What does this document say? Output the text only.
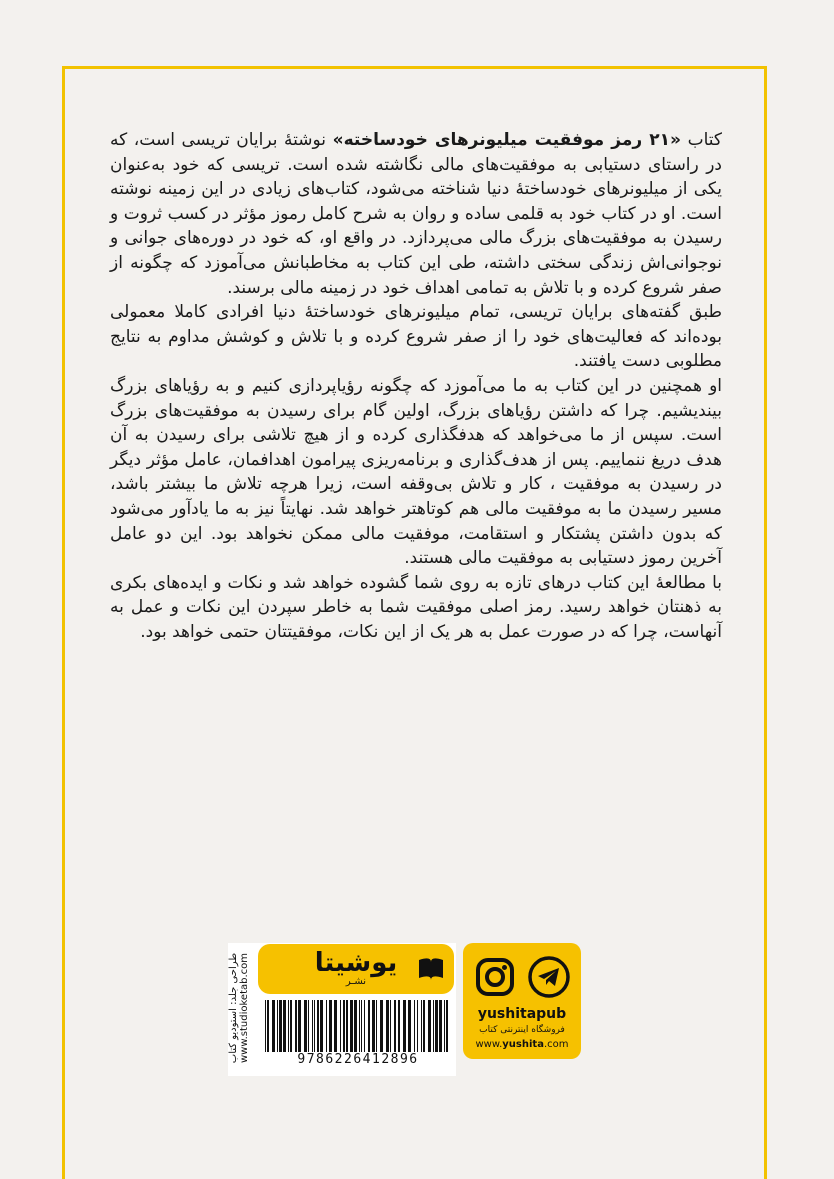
کتاب «۲۱ رمز موفقیت میلیونرهای خودساخته» نوشتۀ برایان تریسی است، که در راستای دستیابی به موفقیت‌های مالی نگاشته شده است. تریسی که خود به‌عنوان یکی از میلیونرهای خودساختۀ دنیا شناخته می‌شود، کتاب‌های زیادی در این زمینه نوشته است. او در کتاب خود به قلمی ساده و روان به شرح کامل رموز مؤثر در کسب ثروت و رسیدن به موفقیت‌های بزرگ مالی می‌پردازد. در واقع او، که خود در دوره‌های جوانی و نوجوانی‌اش زندگی سختی داشته، طی این کتاب به مخاطبانش می‌آموزد که چگونه از صفر شروع کرده و با تلاش به تمامی اهداف خود در زمینه مالی برسند.

طبق گفته‌های برایان تریسی، تمام میلیونرهای خودساختۀ دنیا افرادی کاملا معمولی بوده‌اند که فعالیت‌های خود را از صفر شروع کرده و با تلاش و کوشش مداوم به نتایج مطلوبی دست یافتند.

او همچنین در این کتاب به ما می‌آموزد که چگونه رؤیاپردازی کنیم و به رؤیاهای بزرگ بیندیشیم. چرا که داشتن رؤیاهای بزرگ، اولین گام برای رسیدن به موفقیت‌های بزرگ است. سپس از ما می‌خواهد که هدفگذاری کرده و از هیچ تلاشی برای رسیدن به آن هدف دریغ ننماییم. پس از هدف‌گذاری و برنامه‌ریزی پیرامون اهدافمان، عامل مؤثر دیگر در رسیدن به موفقیت ، کار و تلاش بی‌وقفه است، زیرا هرچه تلاش ما بیشتر باشد، مسیر رسیدن ما به موفقیت مالی هم کوتاهتر خواهد شد. نهایتاً نیز به ما یادآور می‌شود که بدون داشتن پشتکار و استقامت، موفقیت مالی ممکن نخواهد بود. این دو عامل آخرین رموز دستیابی به موفقیت مالی هستند.

با مطالعۀ این کتاب درهای تازه به روی شما گشوده خواهد شد و نکات و ایده‌های بکری به ذهنتان خواهد رسید. رمز اصلی موفقیت شما به خاطر سپردن این نکات و عمل به آنهاست، چرا که در صورت عمل به هر یک از این نکات، موفقیتتان حتمی خواهد بود.

یوشیتا
نشـر
9786226412896
طراحی جلد: استودیو کتاب www.studioketab.com	yushitapub
فروشگاه اینترنتی کتاب
www.yushita.com
